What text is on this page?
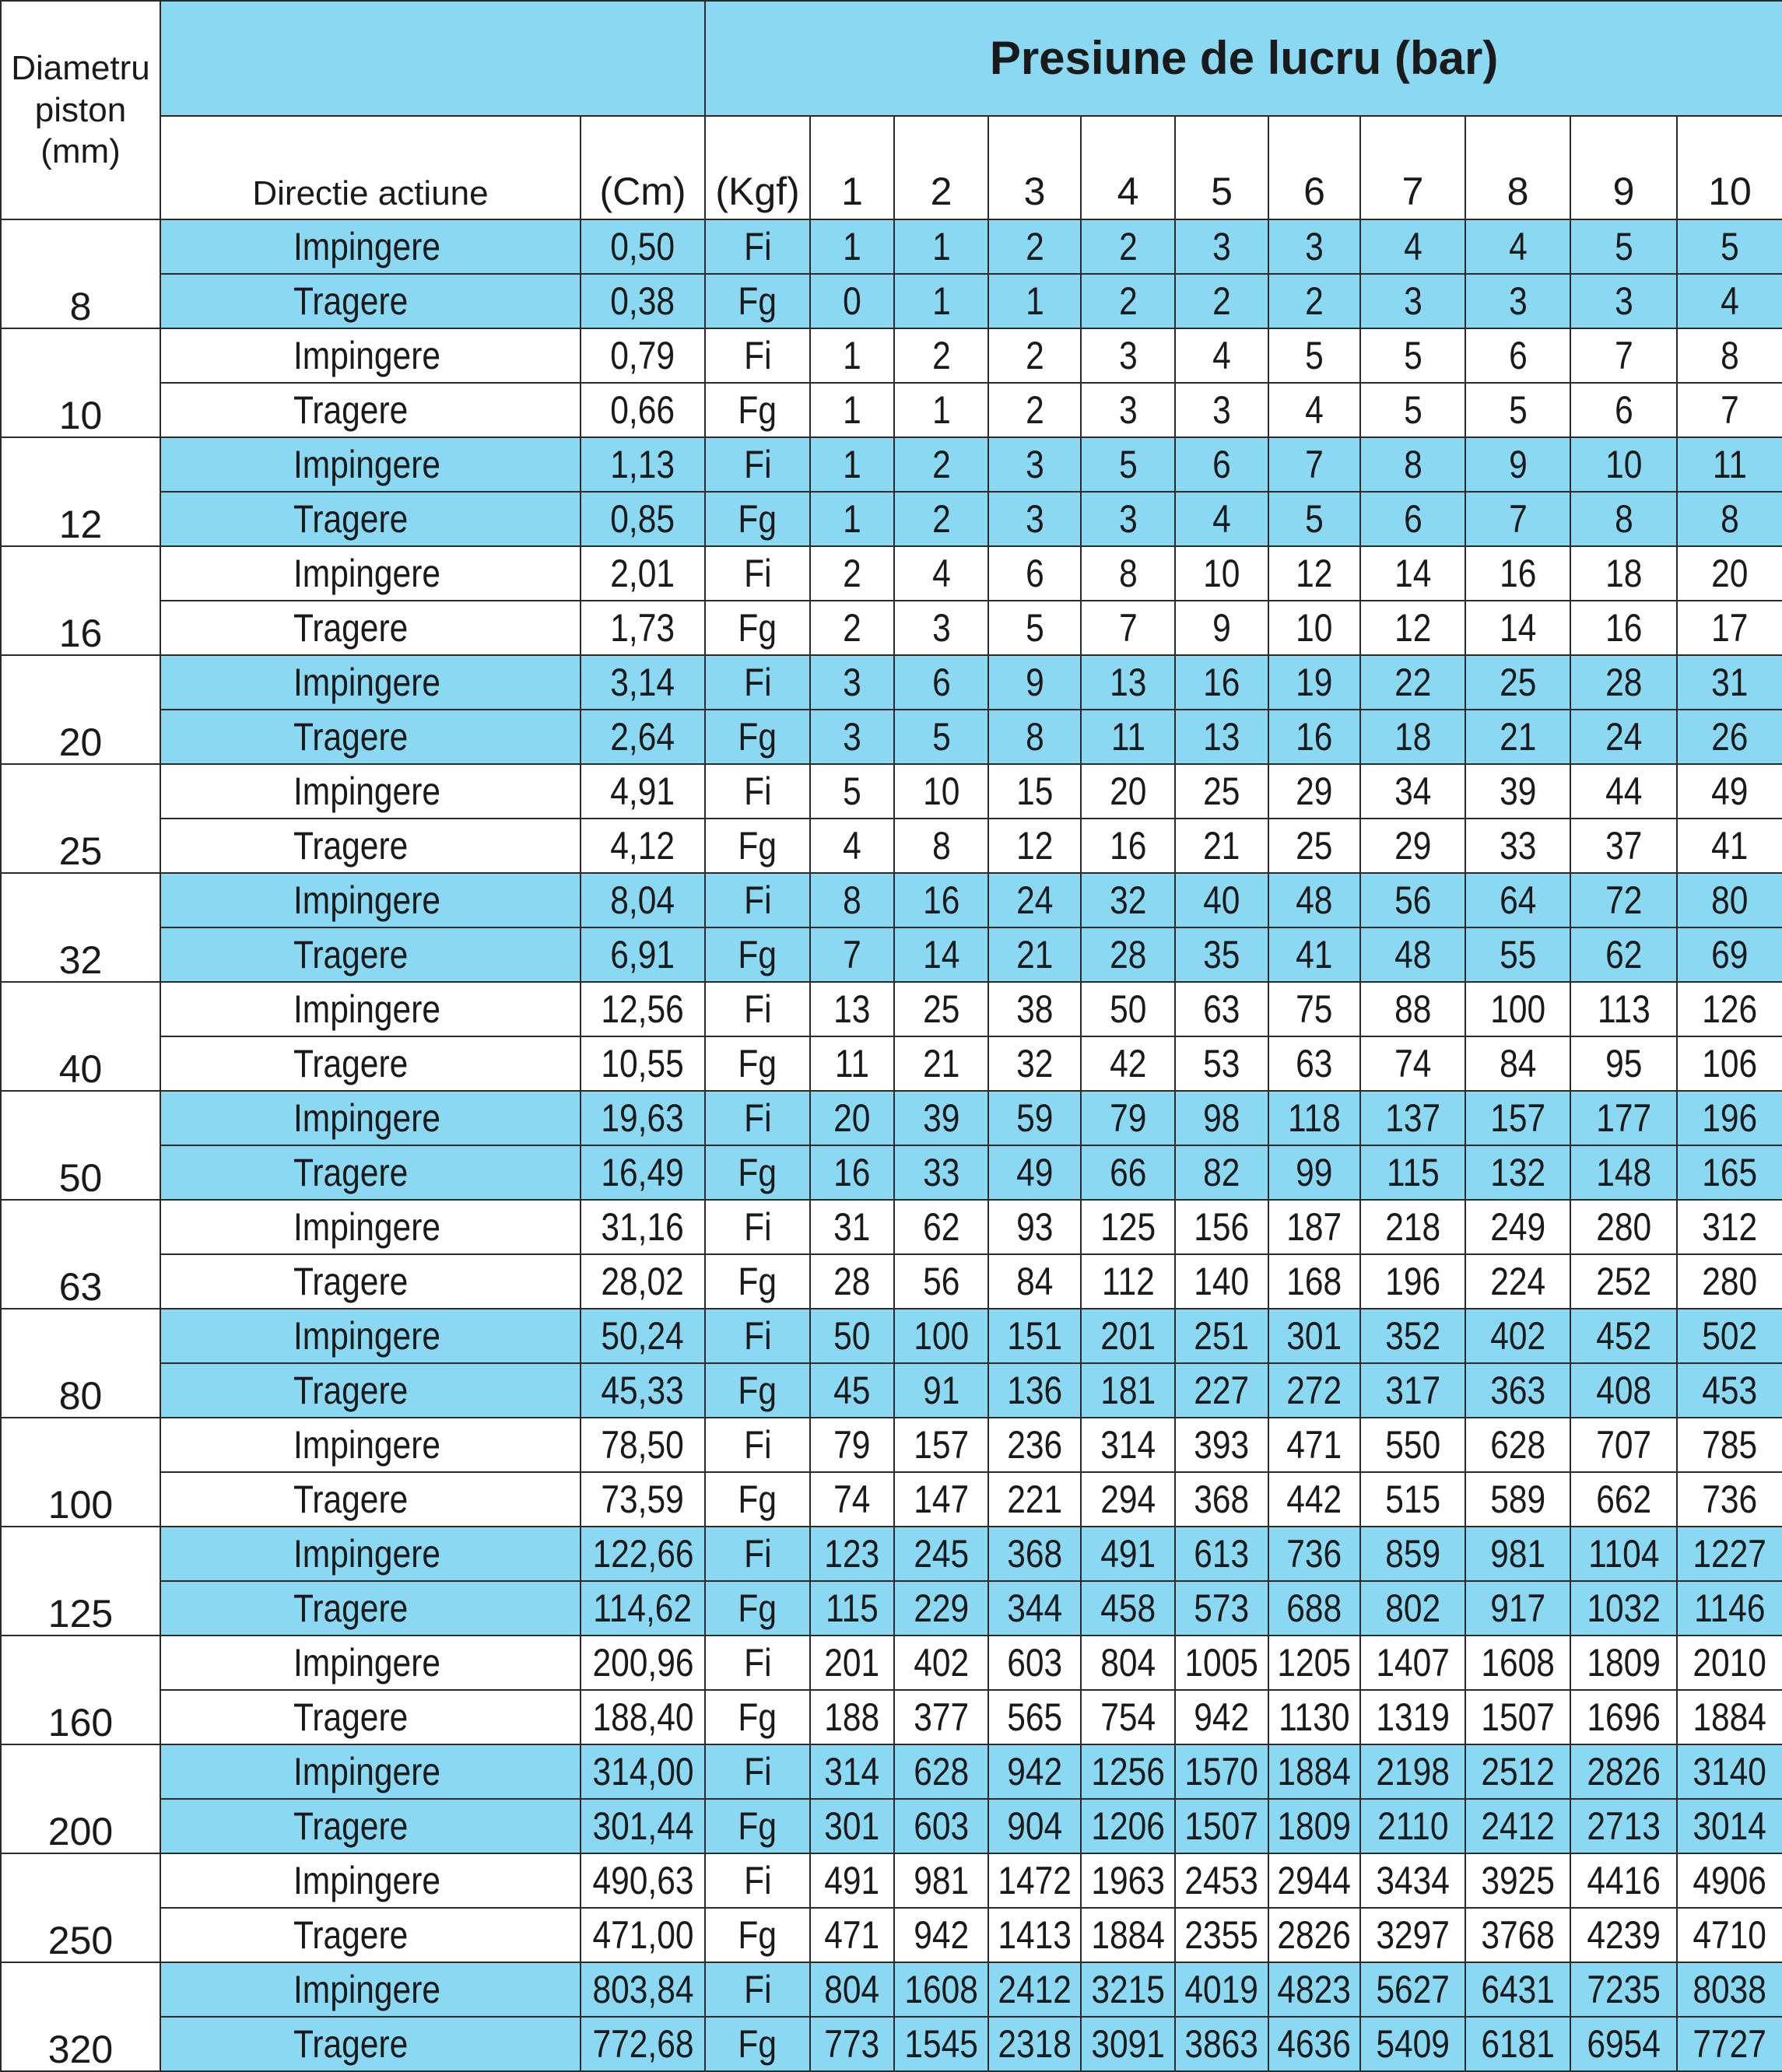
Diametru piston (mm)			Presiune de lucru (bar)										
	Directie actiune	(Cm)	(Kgf)	1	2	3	4	5	6	7	8	9	10
8	Impingere	0,50	Fi	1	1	2	2	3	3	4	4	5	5
	Tragere	0,38	Fg	0	1	1	2	2	2	3	3	3	4
10	Impingere	0,79	Fi	1	2	2	3	4	5	5	6	7	8
	Tragere	0,66	Fg	1	1	2	3	3	4	5	5	6	7
12	Impingere	1,13	Fi	1	2	3	5	6	7	8	9	10	11
	Tragere	0,85	Fg	1	2	3	3	4	5	6	7	8	8
16	Impingere	2,01	Fi	2	4	6	8	10	12	14	16	18	20
	Tragere	1,73	Fg	2	3	5	7	9	10	12	14	16	17
20	Impingere	3,14	Fi	3	6	9	13	16	19	22	25	28	31
	Tragere	2,64	Fg	3	5	8	11	13	16	18	21	24	26
25	Impingere	4,91	Fi	5	10	15	20	25	29	34	39	44	49
	Tragere	4,12	Fg	4	8	12	16	21	25	29	33	37	41
32	Impingere	8,04	Fi	8	16	24	32	40	48	56	64	72	80
	Tragere	6,91	Fg	7	14	21	28	35	41	48	55	62	69
40	Impingere	12,56	Fi	13	25	38	50	63	75	88	100	113	126
	Tragere	10,55	Fg	11	21	32	42	53	63	74	84	95	106
50	Impingere	19,63	Fi	20	39	59	79	98	118	137	157	177	196
	Tragere	16,49	Fg	16	33	49	66	82	99	115	132	148	165
63	Impingere	31,16	Fi	31	62	93	125	156	187	218	249	280	312
	Tragere	28,02	Fg	28	56	84	112	140	168	196	224	252	280
80	Impingere	50,24	Fi	50	100	151	201	251	301	352	402	452	502
	Tragere	45,33	Fg	45	91	136	181	227	272	317	363	408	453
100	Impingere	78,50	Fi	79	157	236	314	393	471	550	628	707	785
	Tragere	73,59	Fg	74	147	221	294	368	442	515	589	662	736
125	Impingere	122,66	Fi	123	245	368	491	613	736	859	981	1104	1227
	Tragere	114,62	Fg	115	229	344	458	573	688	802	917	1032	1146
160	Impingere	200,96	Fi	201	402	603	804	1005	1205	1407	1608	1809	2010
	Tragere	188,40	Fg	188	377	565	754	942	1130	1319	1507	1696	1884
200	Impingere	314,00	Fi	314	628	942	1256	1570	1884	2198	2512	2826	3140
	Tragere	301,44	Fg	301	603	904	1206	1507	1809	2110	2412	2713	3014
250	Impingere	490,63	Fi	491	981	1472	1963	2453	2944	3434	3925	4416	4906
	Tragere	471,00	Fg	471	942	1413	1884	2355	2826	3297	3768	4239	4710
320	Impingere	803,84	Fi	804	1608	2412	3215	4019	4823	5627	6431	7235	8038
	Tragere	772,68	Fg	773	1545	2318	3091	3863	4636	5409	6181	6954	7727
